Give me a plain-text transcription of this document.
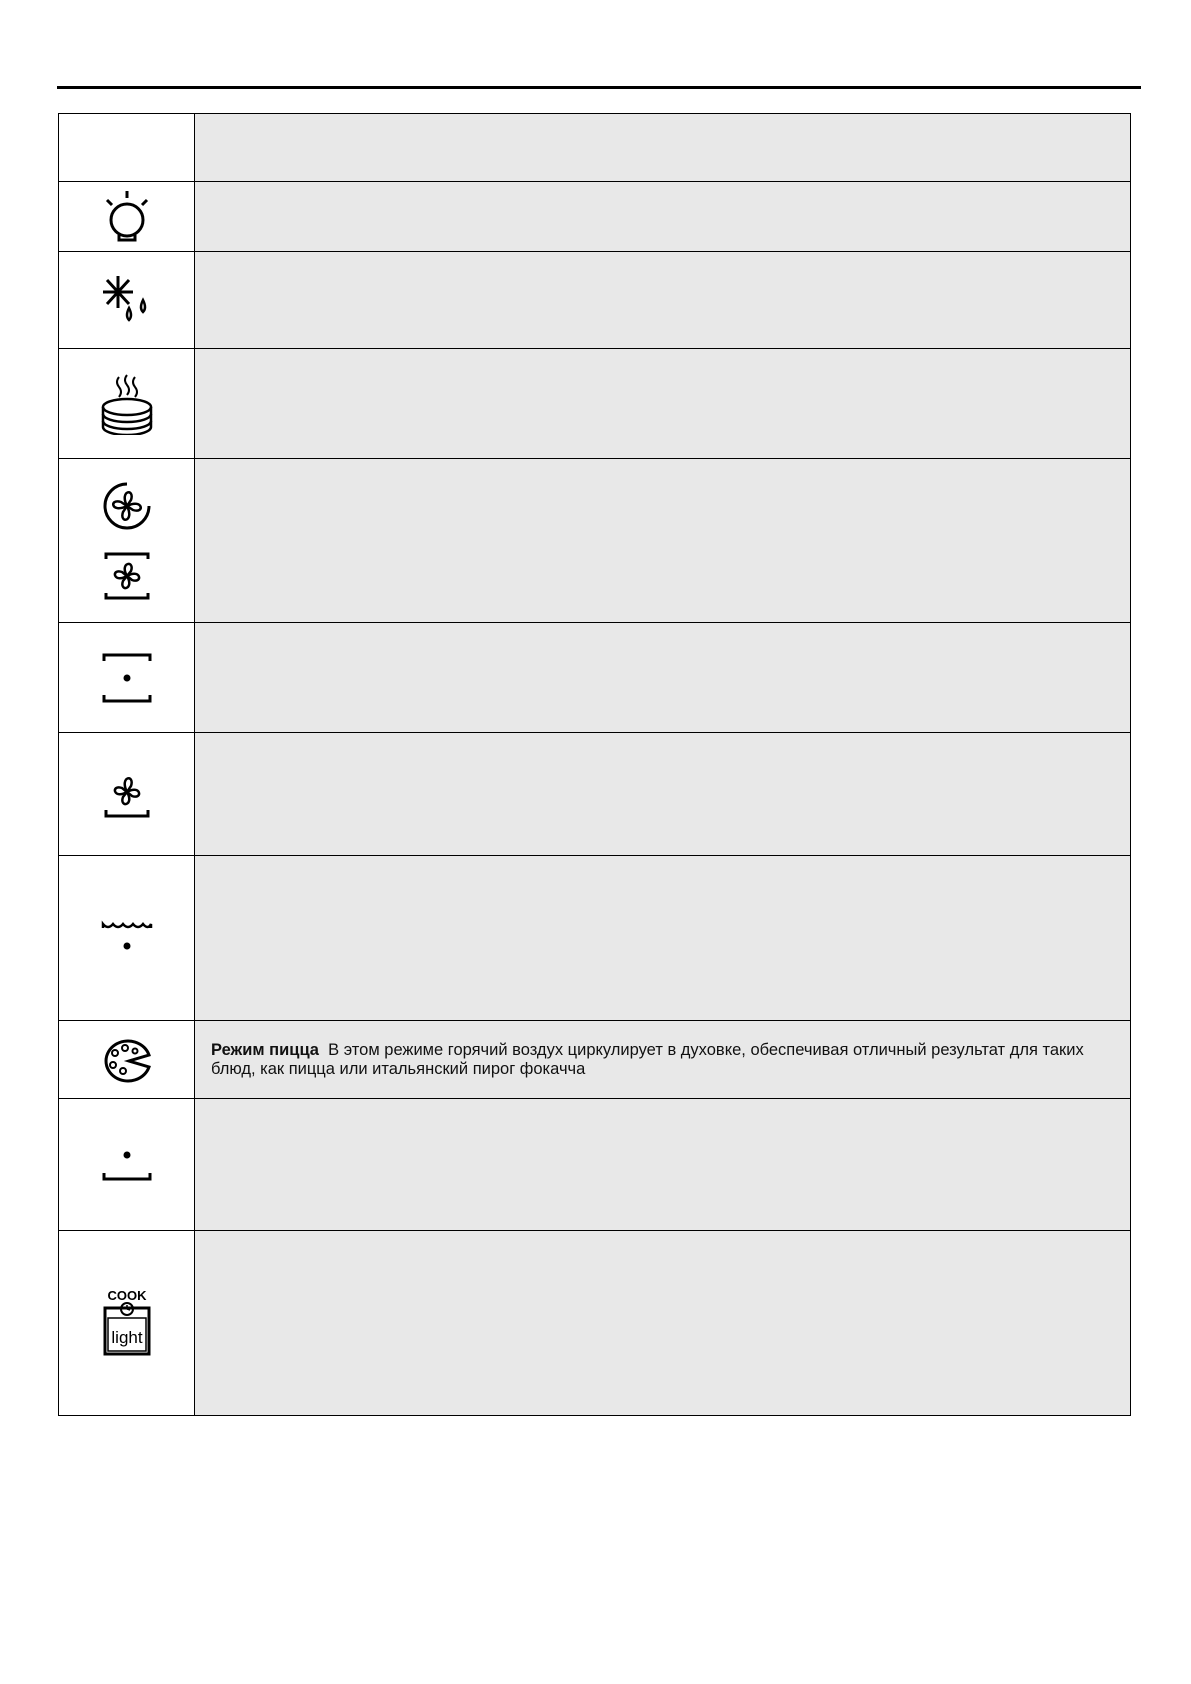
Режим пицца В этом режиме горячий воздух циркулирует в духовке, обеспечивая отличный результат для таких блюд, как пицца или итальянский пирог фокачча

COOK
light	
